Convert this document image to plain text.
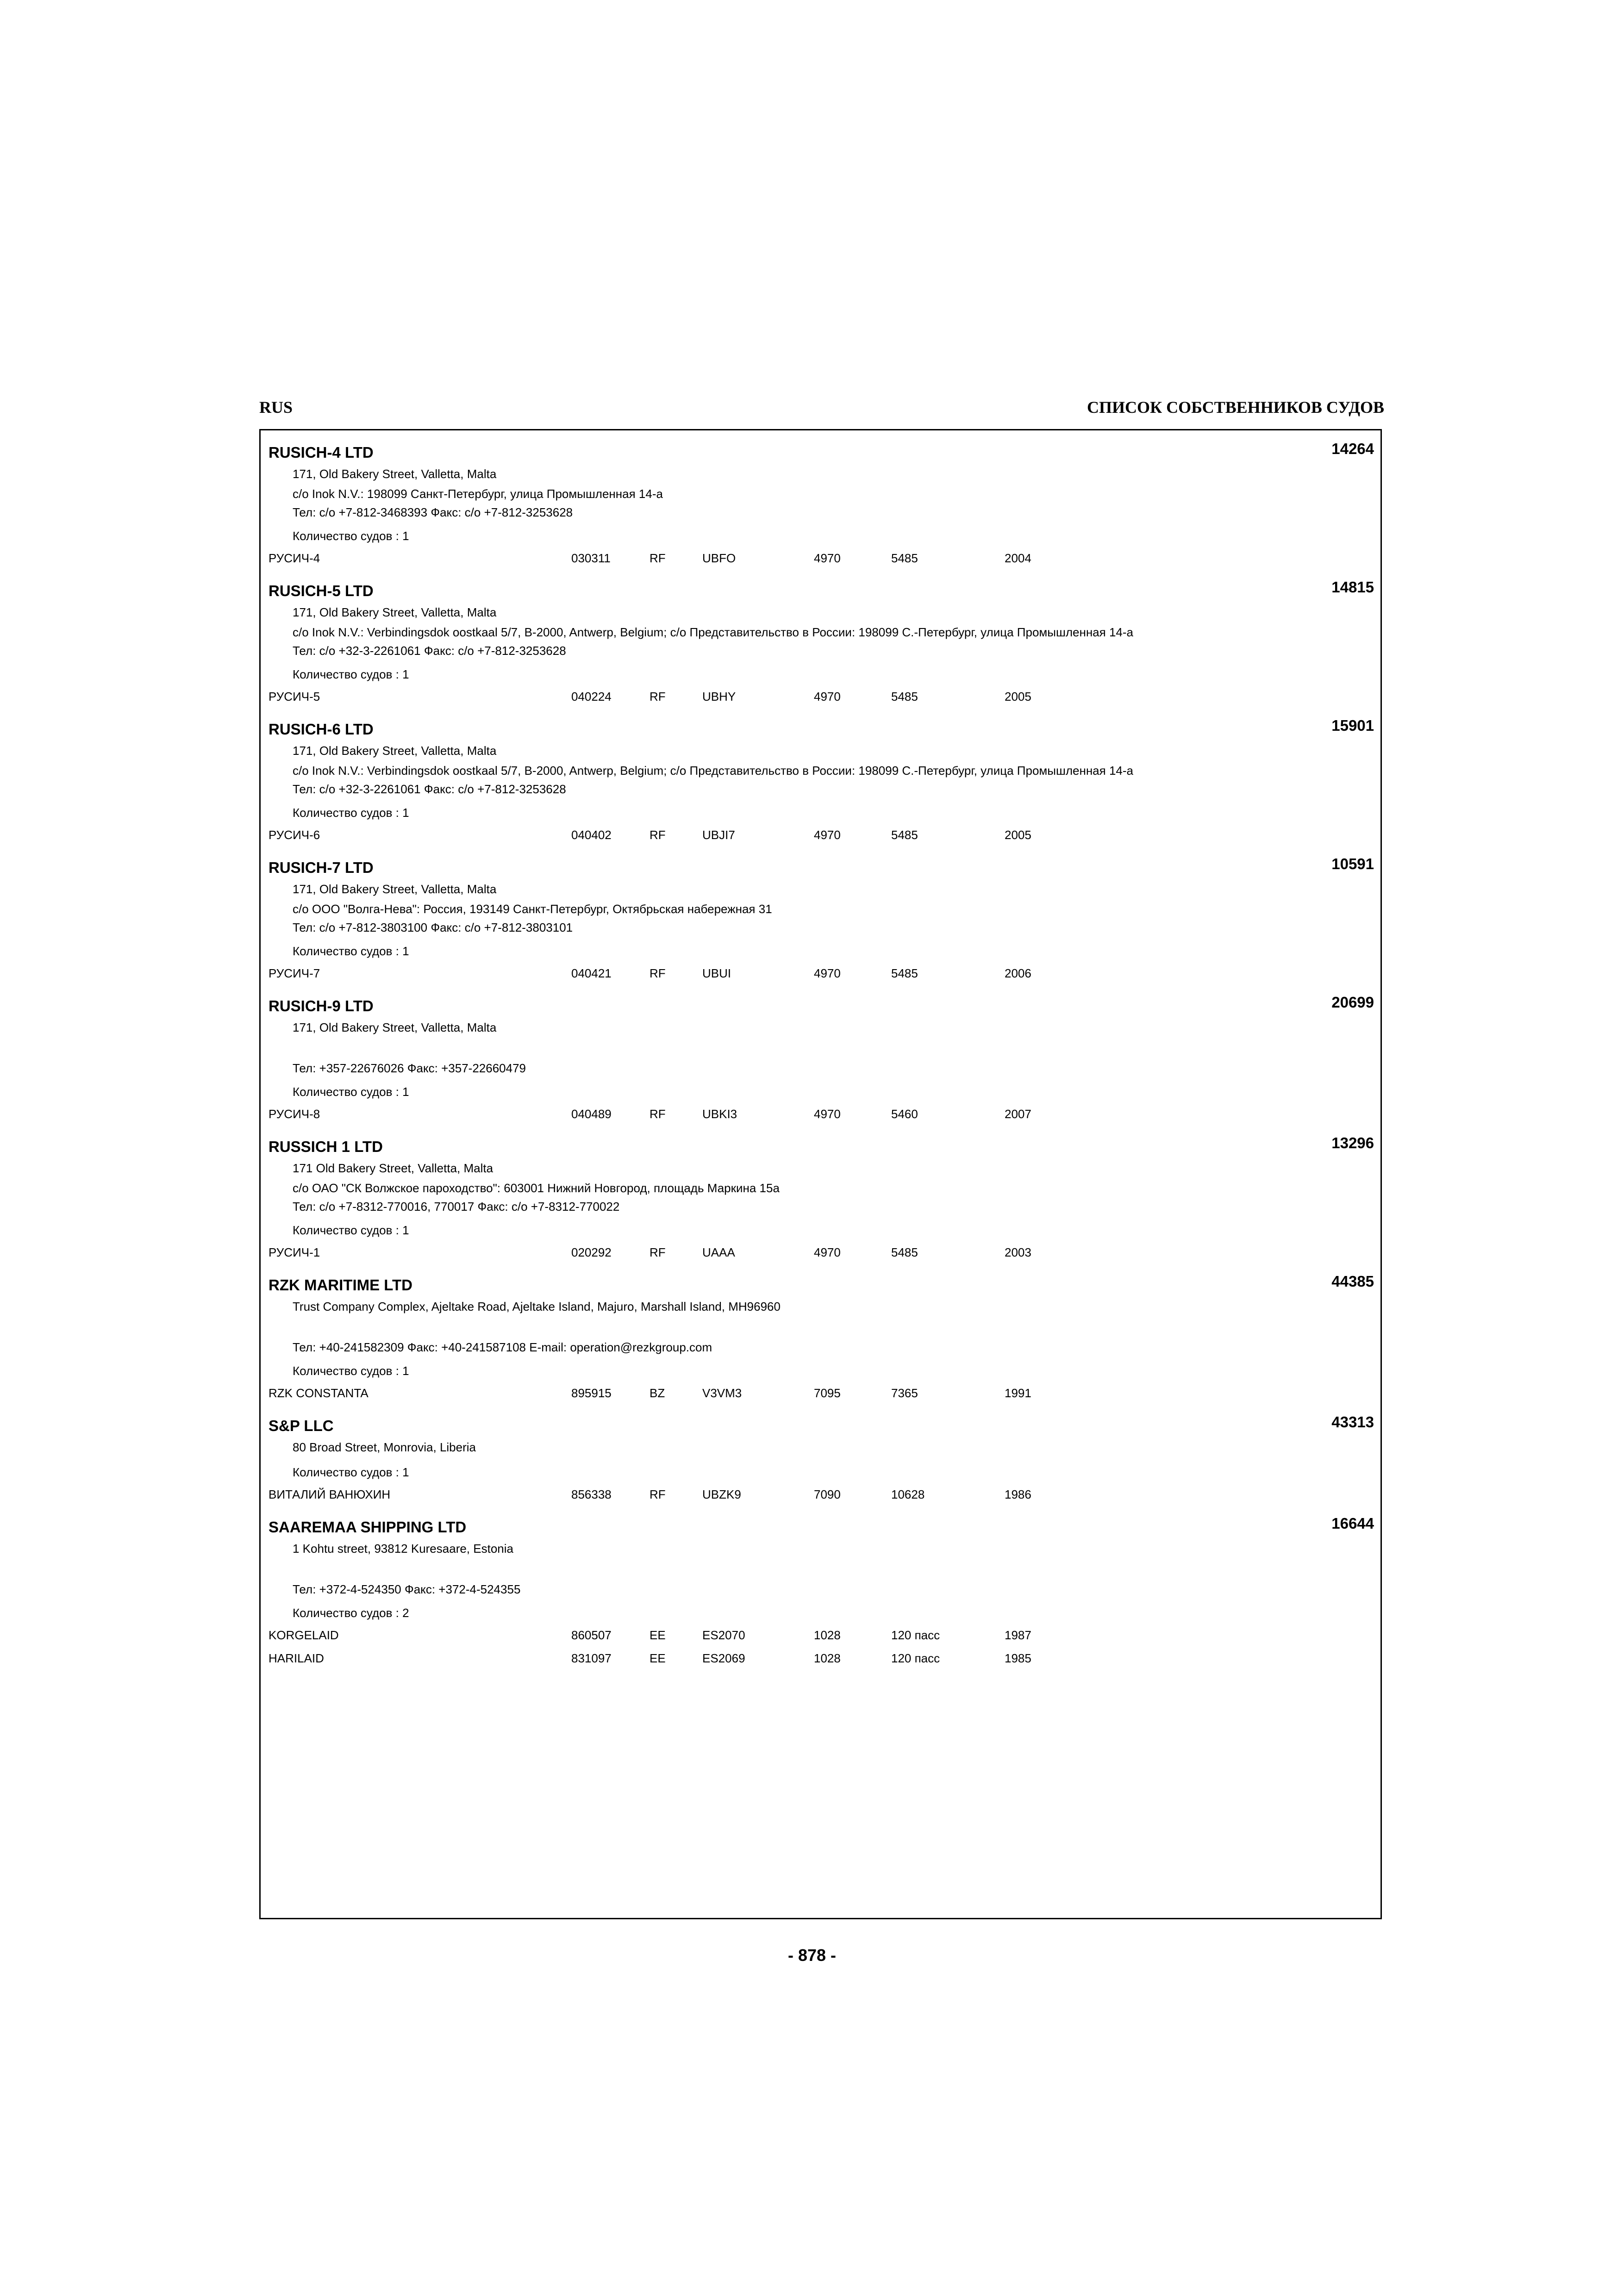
RUS	СПИСОК СОБСТВЕННИКОВ СУДОВ
RUSICH-4 LTD	14264
171, Old Bakery Street, Valletta, Malta
c/o Inok N.V.: 198099 Санкт-Петербург, улица Промышленная 14-а
Тел: c/o +7-812-3468393 Факс: c/o +7-812-3253628
Количество судов : 1
РУСИЧ-4	030311	RF	UBFO	4970	5485	2004
RUSICH-5 LTD	14815
171, Old Bakery Street, Valletta, Malta
c/o Inok N.V.: Verbindingsdok oostkaal 5/7, B-2000, Antwerp, Belgium; c/o Представительство в России: 198099 С.-Петербург, улица Промышленная 14-а
Тел: c/o +32-3-2261061 Факс: c/o +7-812-3253628
Количество судов : 1
РУСИЧ-5	040224	RF	UBHY	4970	5485	2005
RUSICH-6 LTD	15901
171, Old Bakery Street, Valletta, Malta
c/o Inok N.V.: Verbindingsdok oostkaal 5/7, B-2000, Antwerp, Belgium; c/o Представительство в России: 198099 С.-Петербург, улица Промышленная 14-а
Тел: c/o +32-3-2261061 Факс: c/o +7-812-3253628
Количество судов : 1
РУСИЧ-6	040402	RF	UBJI7	4970	5485	2005
RUSICH-7 LTD	10591
171, Old Bakery Street, Valletta, Malta
c/o ООО "Волга-Нева": Россия, 193149 Санкт-Петербург, Октябрьская набережная 31
Тел: c/o +7-812-3803100 Факс: c/o +7-812-3803101
Количество судов : 1
РУСИЧ-7	040421	RF	UBUI	4970	5485	2006
RUSICH-9 LTD	20699
171, Old Bakery Street, Valletta, Malta
Тел: +357-22676026 Факс: +357-22660479
Количество судов : 1
РУСИЧ-8	040489	RF	UBKI3	4970	5460	2007
RUSSICH 1 LTD	13296
171 Old Bakery Street, Valletta, Malta
c/o ОАО "СК Волжское пароходство": 603001 Нижний Новгород, площадь Маркина 15а
Тел: c/o +7-8312-770016, 770017 Факс: c/o +7-8312-770022
Количество судов : 1
РУСИЧ-1	020292	RF	UAAA	4970	5485	2003
RZK MARITIME LTD	44385
Trust Company Complex, Ajeltake Road, Ajeltake Island, Majuro, Marshall Island, MH96960
Тел: +40-241582309 Факс: +40-241587108 E-mail: operation@rezkgroup.com
Количество судов : 1
RZK CONSTANTA	895915	BZ	V3VM3	7095	7365	1991
S&P LLC	43313
80 Broad Street, Monrovia, Liberia
Количество судов : 1
ВИТАЛИЙ ВАНЮХИН	856338	RF	UBZK9	7090	10628	1986
SAAREMAA SHIPPING LTD	16644
1 Kohtu street, 93812 Kuresaare, Estonia
Тел: +372-4-524350 Факс: +372-4-524355
Количество судов : 2
KORGELAID	860507	EE	ES2070	1028	120 пасс	1987
HARILAID	831097	EE	ES2069	1028	120 пасс	1985
- 878 -
